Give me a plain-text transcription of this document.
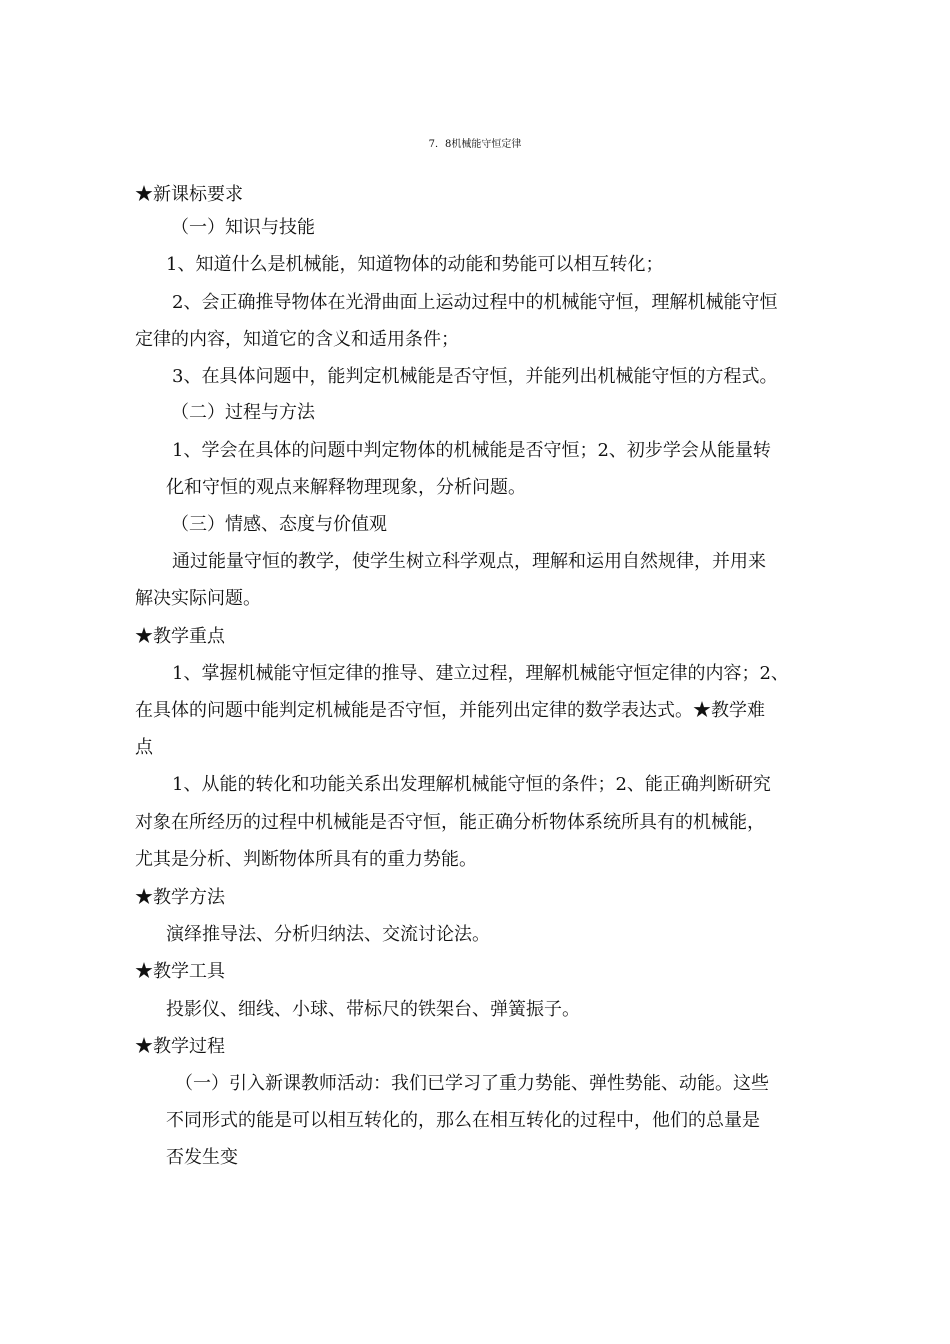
7．8机械能守恒定律
★新课标要求
（一）知识与技能
1、知道什么是机械能，知道物体的动能和势能可以相互转化；
2、会正确推导物体在光滑曲面上运动过程中的机械能守恒，理解机械能守恒
定律的内容，知道它的含义和适用条件；
3、在具体问题中，能判定机械能是否守恒，并能列出机械能守恒的方程式。
（二）过程与方法
1、学会在具体的问题中判定物体的机械能是否守恒；2、初步学会从能量转
化和守恒的观点来解释物理现象，分析问题。
（三）情感、态度与价值观
通过能量守恒的教学，使学生树立科学观点，理解和运用自然规律，并用来
解决实际问题。
★教学重点
1、掌握机械能守恒定律的推导、建立过程，理解机械能守恒定律的内容；2、
在具体的问题中能判定机械能是否守恒，并能列出定律的数学表达式。★教学难
点
1、从能的转化和功能关系出发理解机械能守恒的条件；2、能正确判断研究
对象在所经历的过程中机械能是否守恒，能正确分析物体系统所具有的机械能，
尤其是分析、判断物体所具有的重力势能。
★教学方法
演绎推导法、分析归纳法、交流讨论法。
★教学工具
投影仪、细线、小球、带标尺的铁架台、弹簧振子。
★教学过程
（一）引入新课教师活动：我们已学习了重力势能、弹性势能、动能。这些
不同形式的能是可以相互转化的，那么在相互转化的过程中，他们的总量是
否发生变
